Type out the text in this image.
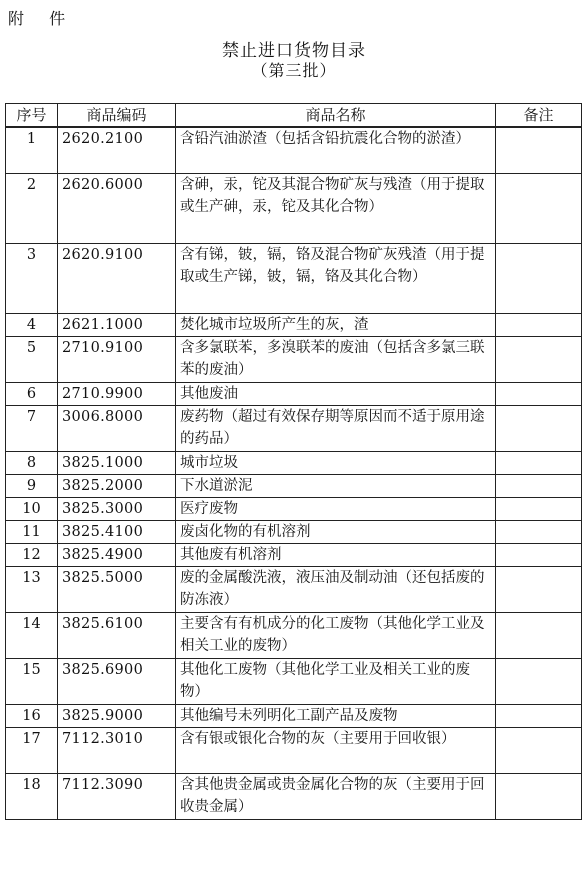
附 件
禁止进口货物目录
（第三批）
序号	商品编码	商品名称	备注
1	2620.2100	含铅汽油淤渣（包括含铅抗震化合物的淤渣）	
2	2620.6000	含砷，汞，铊及其混合物矿灰与残渣（用于提取或生产砷，汞，铊及其化合物）	
3	2620.9100	含有锑，铍，镉，铬及混合物矿灰残渣（用于提取或生产锑，铍，镉，铬及其化合物）	
4	2621.1000	焚化城市垃圾所产生的灰，渣	
5	2710.9100	含多氯联苯，多溴联苯的废油（包括含多氯三联苯的废油）	
6	2710.9900	其他废油	
7	3006.8000	废药物（超过有效保存期等原因而不适于原用途的药品）	
8	3825.1000	城市垃圾	
9	3825.2000	下水道淤泥	
10	3825.3000	医疗废物	
11	3825.4100	废卤化物的有机溶剂	
12	3825.4900	其他废有机溶剂	
13	3825.5000	废的金属酸洗液，液压油及制动油（还包括废的防冻液）	
14	3825.6100	主要含有有机成分的化工废物（其他化学工业及相关工业的废物）	
15	3825.6900	其他化工废物（其他化学工业及相关工业的废物）	
16	3825.9000	其他编号未列明化工副产品及废物	
17	7112.3010	含有银或银化合物的灰（主要用于回收银）	
18	7112.3090	含其他贵金属或贵金属化合物的灰（主要用于回收贵金属）	
